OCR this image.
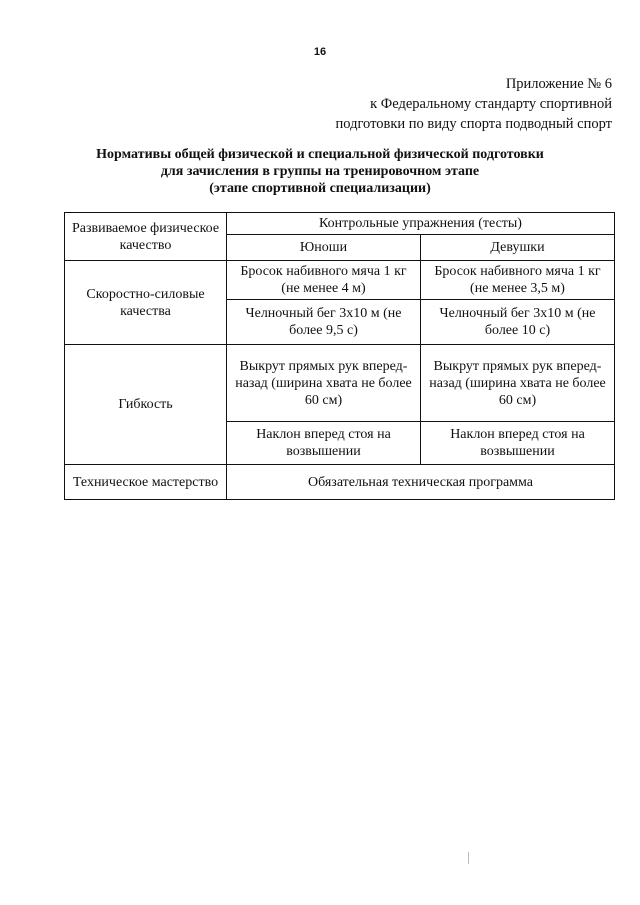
16
Приложение № 6
к Федеральному стандарту спортивной
подготовки по виду спорта подводный спорт
Нормативы общей физической и специальной физической подготовки
для зачисления в группы на тренировочном этапе
(этапе спортивной специализации)
Развиваемое физическое качество	Контрольные упражнения (тесты)	
	Юноши	Девушки
Скоростно-силовые качества	Бросок набивного мяча 1 кг (не менее 4 м)	Бросок набивного мяча 1 кг (не менее 3,5 м)
	Челночный бег 3х10 м (не более 9,5 с)	Челночный бег 3х10 м (не более 10 с)
Гибкость	Выкрут прямых рук вперед-назад (ширина хвата не более 60 см)	Выкрут прямых рук вперед-назад (ширина хвата не более 60 см)
	Наклон вперед стоя на возвышении	Наклон вперед стоя на возвышении
Техническое мастерство	Обязательная техническая программа	
